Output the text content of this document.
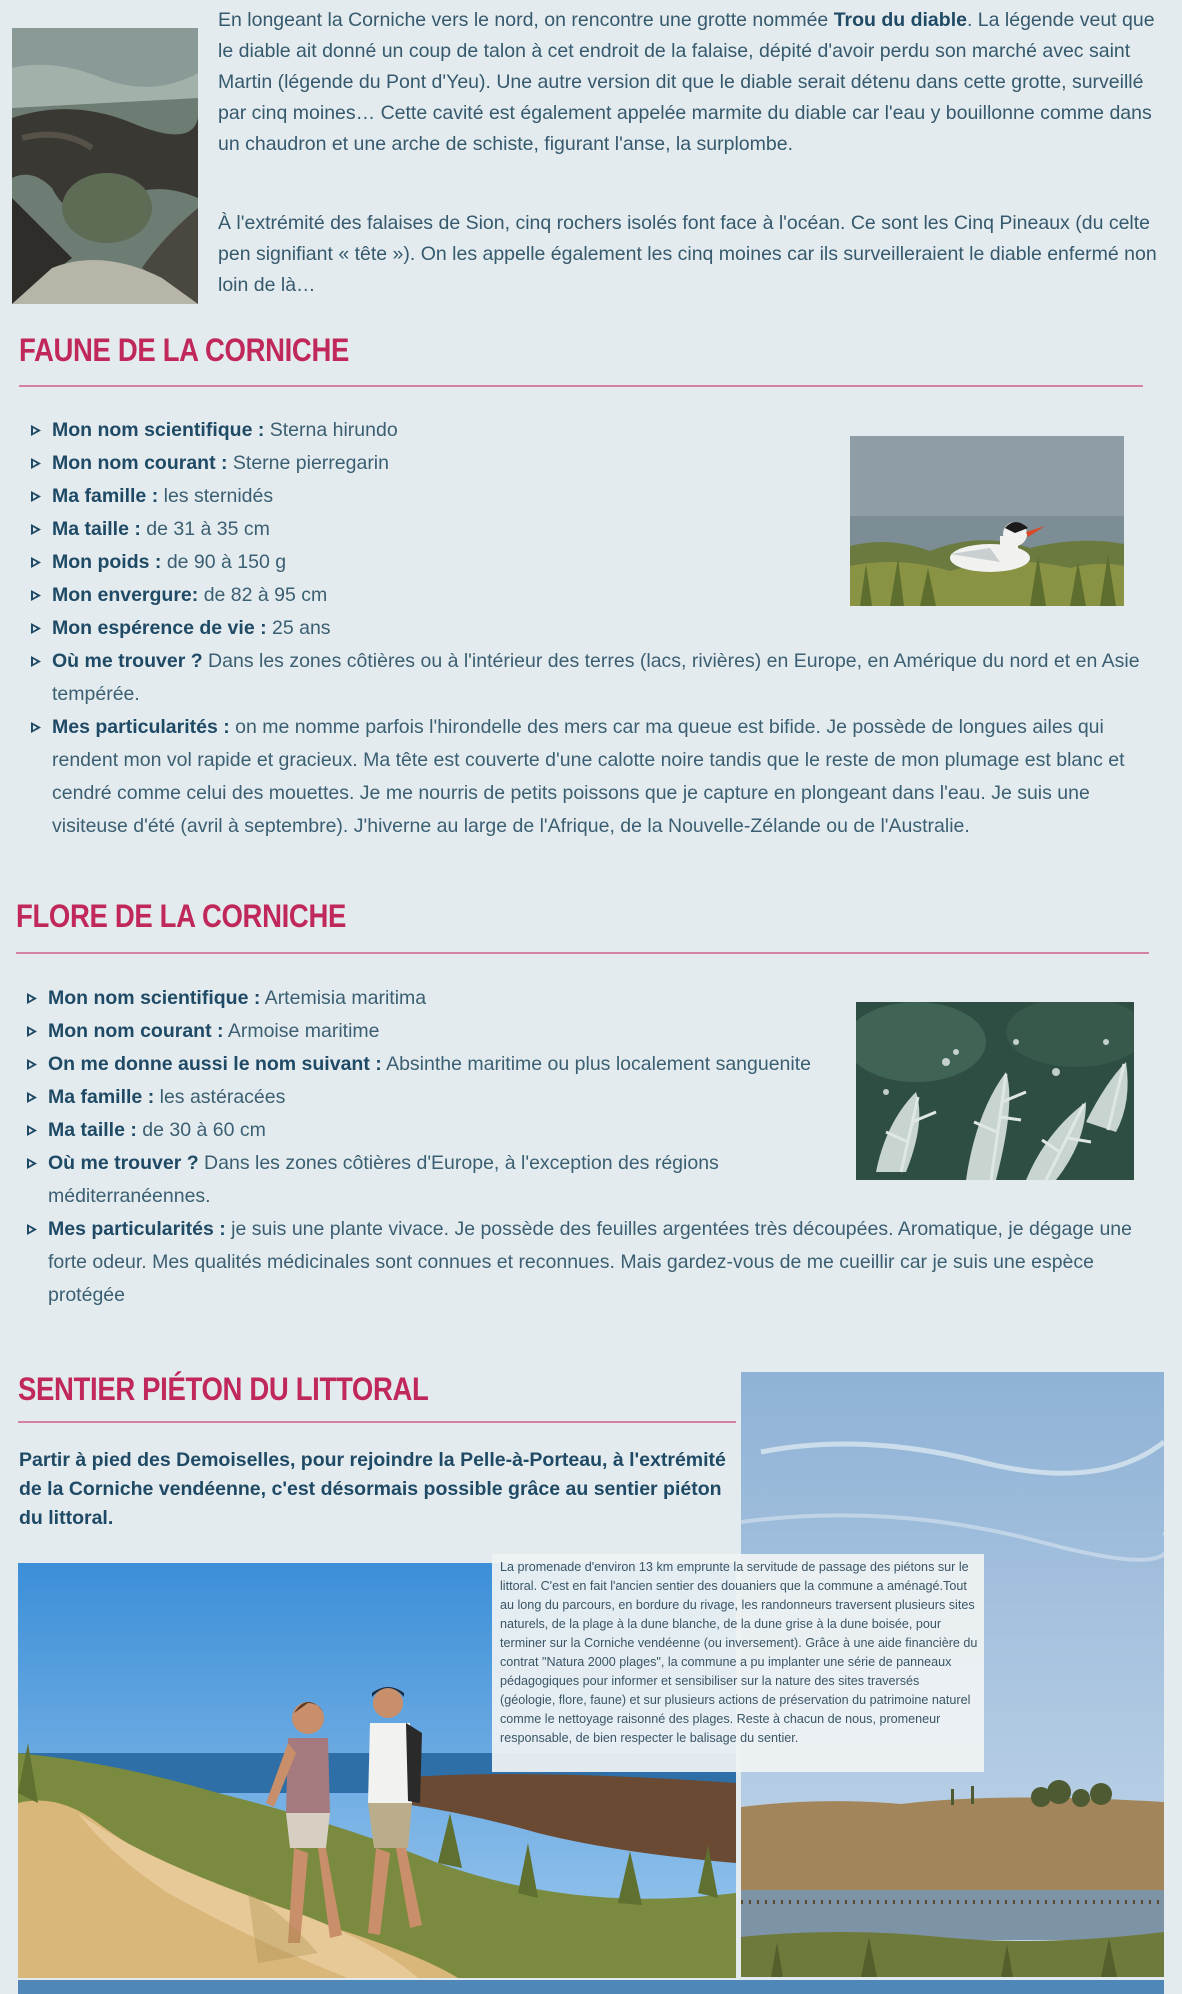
En longeant la Corniche vers le nord, on rencontre une grotte nommée Trou du diable. La légende veut que le diable ait donné un coup de talon à cet endroit de la falaise, dépité d'avoir perdu son marché avec saint Martin (légende du Pont d'Yeu). Une autre version dit que le diable serait détenu dans cette grotte, surveillé par cinq moines… Cette cavité est également appelée marmite du diable car l'eau y bouillonne comme dans un chaudron et une arche de schiste, figurant l'anse, la surplombe.
À l'extrémité des falaises de Sion, cinq rochers isolés font face à l'océan. Ce sont les Cinq Pineaux (du celte pen signifiant « tête »). On les appelle également les cinq moines car ils surveilleraient le diable enfermé non loin de là…
FAUNE DE LA CORNICHE
Mon nom scientifique : Sterna hirundo
Mon nom courant : Sterne pierregarin
Ma famille : les sternidés
Ma taille : de 31 à 35 cm
Mon poids : de 90 à 150 g
Mon envergure: de 82 à 95 cm
Mon espérence de vie : 25 ans
Où me trouver ? Dans les zones côtières ou à l'intérieur des terres (lacs, rivières) en Europe, en Amérique du nord et en Asie tempérée.
Mes particularités : on me nomme parfois l'hirondelle des mers car ma queue est bifide. Je possède de longues ailes qui rendent mon vol rapide et gracieux. Ma tête est couverte d'une calotte noire tandis que le reste de mon plumage est blanc et cendré comme celui des mouettes. Je me nourris de petits poissons que je capture en plongeant dans l'eau. Je suis une visiteuse d'été (avril à septembre). J'hiverne au large de l'Afrique, de la Nouvelle-Zélande ou de l'Australie.
FLORE DE LA CORNICHE
Mon nom scientifique : Artemisia maritima
Mon nom courant : Armoise maritime
On me donne aussi le nom suivant : Absinthe maritime ou plus localement sanguenite
Ma famille : les astéracées
Ma taille : de 30 à 60 cm
Où me trouver ? Dans les zones côtières d'Europe, à l'exception des régions méditerranéennes.
Mes particularités : je suis une plante vivace. Je possède des feuilles argentées très découpées. Aromatique, je dégage une forte odeur. Mes qualités médicinales sont connues et reconnues. Mais gardez-vous de me cueillir car je suis une espèce protégée
SENTIER PIÉTON DU LITTORAL
Partir à pied des Demoiselles, pour rejoindre la Pelle-à-Porteau, à l'extrémité de la Corniche vendéenne, c'est désormais possible grâce au sentier piéton du littoral.
La promenade d'environ 13 km emprunte la servitude de passage des piétons sur le littoral. C'est en fait l'ancien sentier des douaniers que la commune a aménagé.Tout au long du parcours, en bordure du rivage, les randonneurs traversent plusieurs sites naturels, de la plage à la dune blanche, de la dune grise à la dune boisée, pour terminer sur la Corniche vendéenne (ou inversement). Grâce à une aide financière du contrat "Natura 2000 plages", la commune a pu implanter une série de panneaux pédagogiques pour informer et sensibiliser sur la nature des sites traversés (géologie, flore, faune) et sur plusieurs actions de préservation du patrimoine naturel comme le nettoyage raisonné des plages. Reste à chacun de nous, promeneur responsable, de bien respecter le balisage du sentier.
